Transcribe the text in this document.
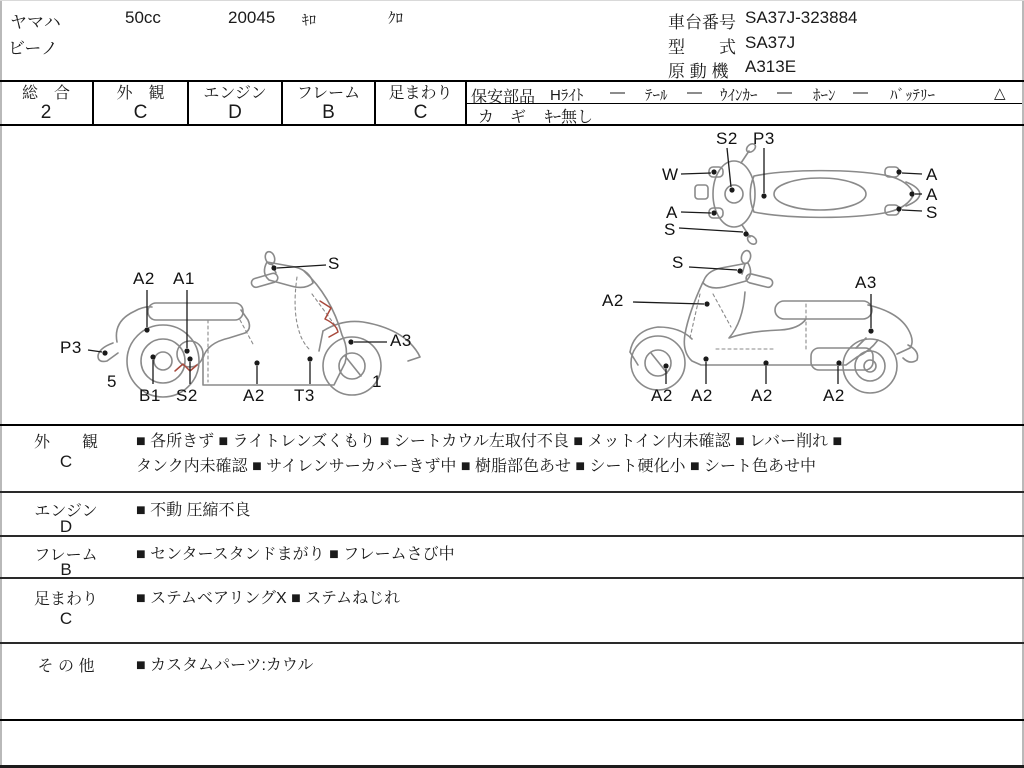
ヤマハ	50cc	20045 ｷﾛ	ｸﾛ
ビーノ
車台番号 SA37J-323884
型　　式 SA37J
原 動 機 A313E
総　合
2
外　観
C
エンジン
D
フレーム
B
足まわり
C
保安部品 Hﾗｲﾄ — ﾃｰﾙ — ｳｲﾝｶｰ — ﾎｰﾝ — ﾊﾞｯﾃﾘｰ	△
カ　ギ ｷｰ無し
S2 P3
W
A
S
A
A
S
A2 A1
S
P3	A3
5
B1 S2	A2 T3
1
S
A2
A3
A2 A2 A2	A2
外　　観
C
■ 各所きず ■ ライトレンズくもり ■ シートカウル左取付不良 ■ メットイン内未確認 ■ レバー削れ ■
タンク内未確認 ■ サイレンサーカバーきず中 ■ 樹脂部色あせ ■ シート硬化小 ■ シート色あせ中
エンジン
D
■ 不動 圧縮不良
フレーム
B
■ センタースタンドまがり ■ フレームさび中
足まわり
C
■ ステムベアリングX ■ ステムねじれ
そ の 他	■ カスタムパーツ:カウル
